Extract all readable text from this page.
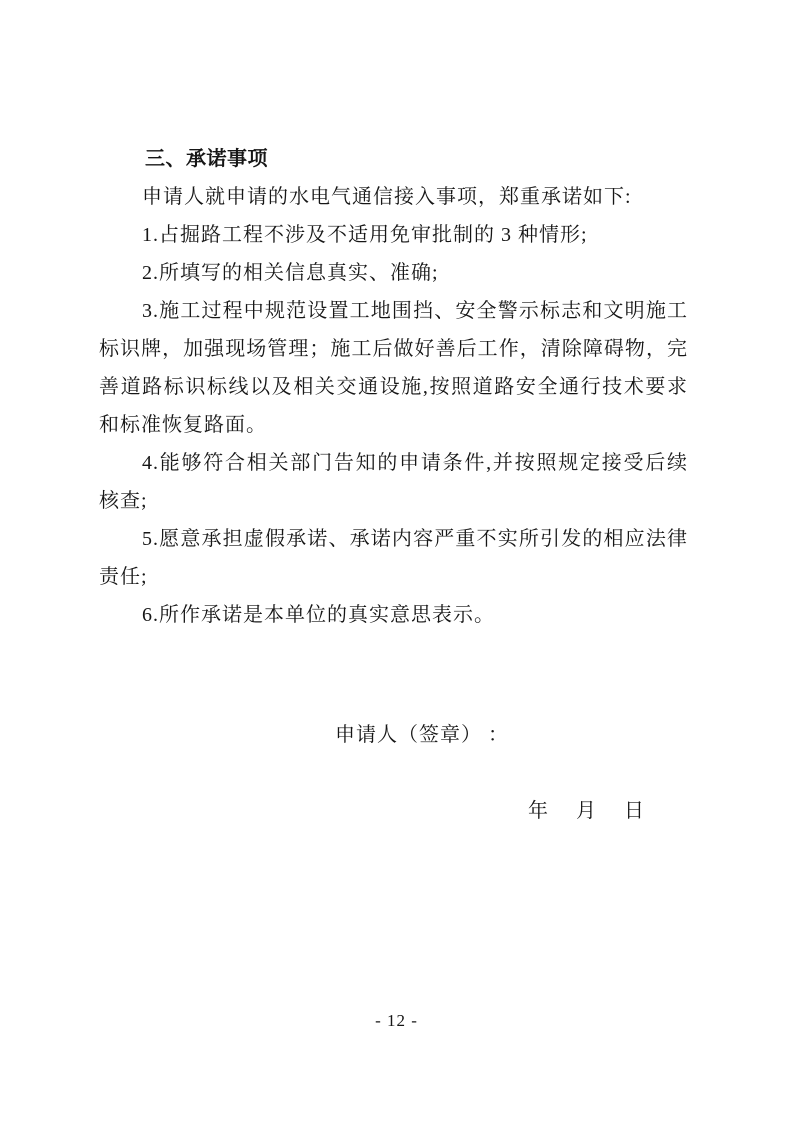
三、承诺事项

申请人就申请的水电气通信接入事项，郑重承诺如下:

1.占掘路工程不涉及不适用免审批制的 3 种情形;

2.所填写的相关信息真实、准确;

3.施工过程中规范设置工地围挡、安全警示标志和文明施工标识牌，加强现场管理；施工后做好善后工作，清除障碍物，完善道路标识标线以及相关交通设施,按照道路安全通行技术要求和标准恢复路面。

4.能够符合相关部门告知的申请条件,并按照规定接受后续核查;

5.愿意承担虚假承诺、承诺内容严重不实所引发的相应法律责任;

6.所作承诺是本单位的真实意思表示。

申请人（签章） ：

年　 月　 日

- 12 -
